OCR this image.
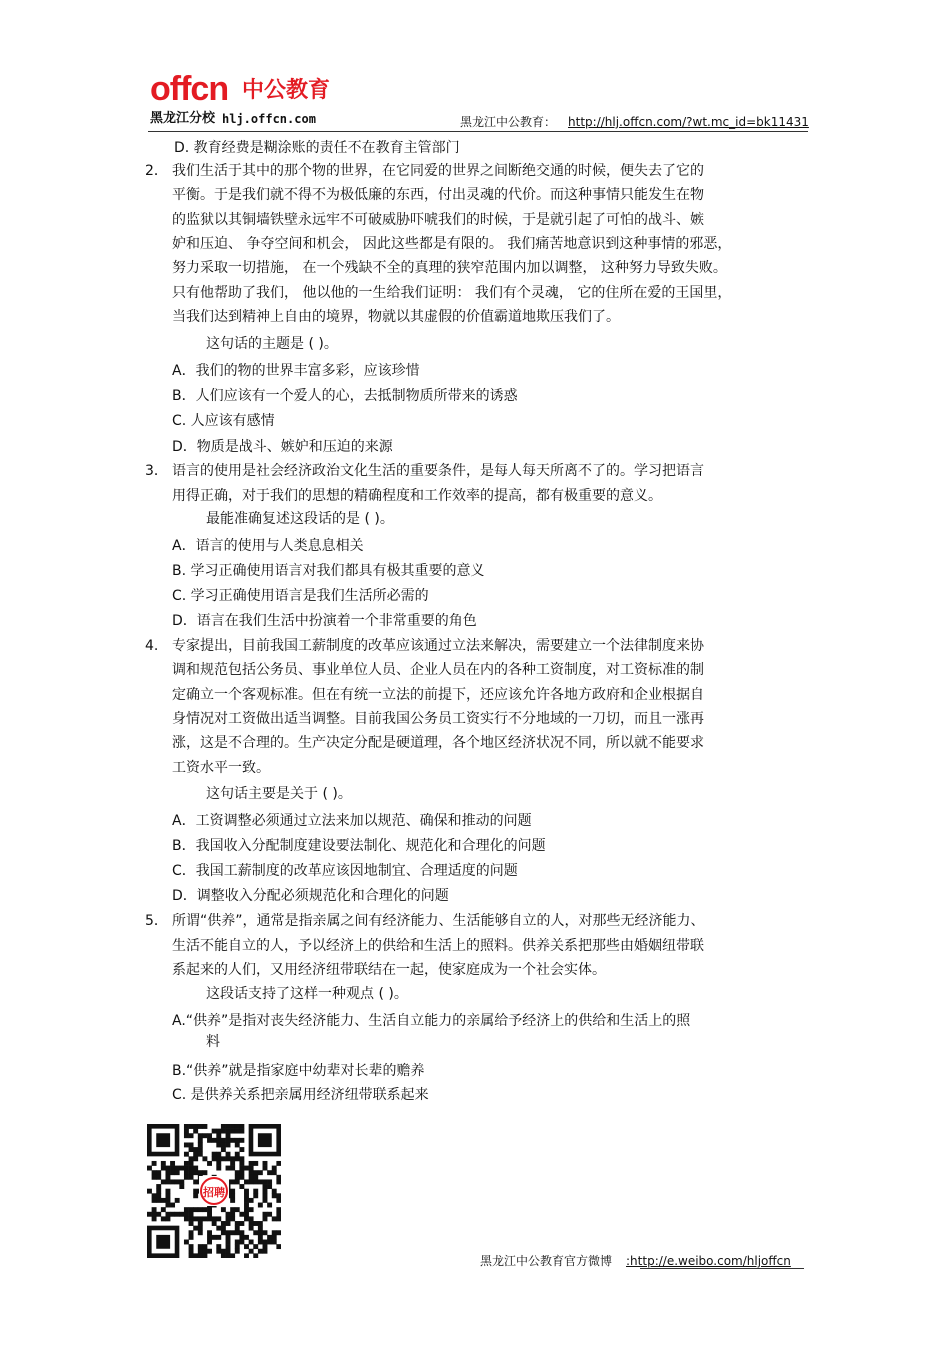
offcn 中公教育
黑龙江分校 hlj.offcn.com	黑龙江中公教育： http://hlj.offcn.com/?wt.mc_id=bk11431
D. 教育经费是糊涂账的责任不在教育主管部门
2． 我们生活于其中的那个物的世界，在它同爱的世界之间断绝交通的时候，便失去了它的
平衡。于是我们就不得不为极低廉的东西，付出灵魂的代价。而这种事情只能发生在物
的监狱以其铜墙铁壁永远牢不可破威胁吓唬我们的时候，于是就引起了可怕的战斗、嫉
妒和压迫、 争夺空间和机会， 因此这些都是有限的。 我们痛苦地意识到这种事情的邪恶，
努力采取一切措施， 在一个残缺不全的真理的狭窄范围内加以调整， 这种努力导致失败。
只有他帮助了我们， 他以他的一生给我们证明： 我们有个灵魂， 它的住所在爱的王国里，
当我们达到精神上自由的境界，物就以其虚假的价值霸道地欺压我们了。
这句话的主题是 ( )。
A．我们的物的世界丰富多彩，应该珍惜
B．人们应该有一个爱人的心，去抵制物质所带来的诱惑
C. 人应该有感情
D．物质是战斗、嫉妒和压迫的来源
3． 语言的使用是社会经济政治文化生活的重要条件，是每人每天所离不了的。学习把语言
用得正确，对于我们的思想的精确程度和工作效率的提高，都有极重要的意义。
最能准确复述这段话的是 ( )。
A．语言的使用与人类息息相关
B. 学习正确使用语言对我们都具有极其重要的意义
C. 学习正确使用语言是我们生活所必需的
D．语言在我们生活中扮演着一个非常重要的角色
4. 专家提出，目前我国工薪制度的改革应该通过立法来解决，需要建立一个法律制度来协
调和规范包括公务员、事业单位人员、企业人员在内的各种工资制度，对工资标准的制
定确立一个客观标准。但在有统一立法的前提下，还应该允许各地方政府和企业根据自
身情况对工资做出适当调整。目前我国公务员工资实行不分地域的一刀切，而且一涨再
涨，这是不合理的。生产决定分配是硬道理，各个地区经济状况不同，所以就不能要求
工资水平一致。
这句话主要是关于 ( )。
A．工资调整必须通过立法来加以规范、确保和推动的问题
B．我国收入分配制度建设要法制化、规范化和合理化的问题
C．我国工薪制度的改革应该因地制宜、合理适度的问题
D．调整收入分配必须规范化和合理化的问题
5． 所谓“供养”，通常是指亲属之间有经济能力、生活能够自立的人，对那些无经济能力、
生活不能自立的人，予以经济上的供给和生活上的照料。供养关系把那些由婚姻纽带联
系起来的人们，又用经济纽带联结在一起，使家庭成为一个社会实体。
这段话支持了这样一种观点 ( )。
A.“供养”是指对丧失经济能力、生活自立能力的亲属给予经济上的供给和生活上的照
料
B.“供养”就是指家庭中幼辈对长辈的赡养
C. 是供养关系把亲属用经济纽带联系起来
招聘
黑龙江中公教育官方微博 :http://e.weibo.com/hljoffcn
